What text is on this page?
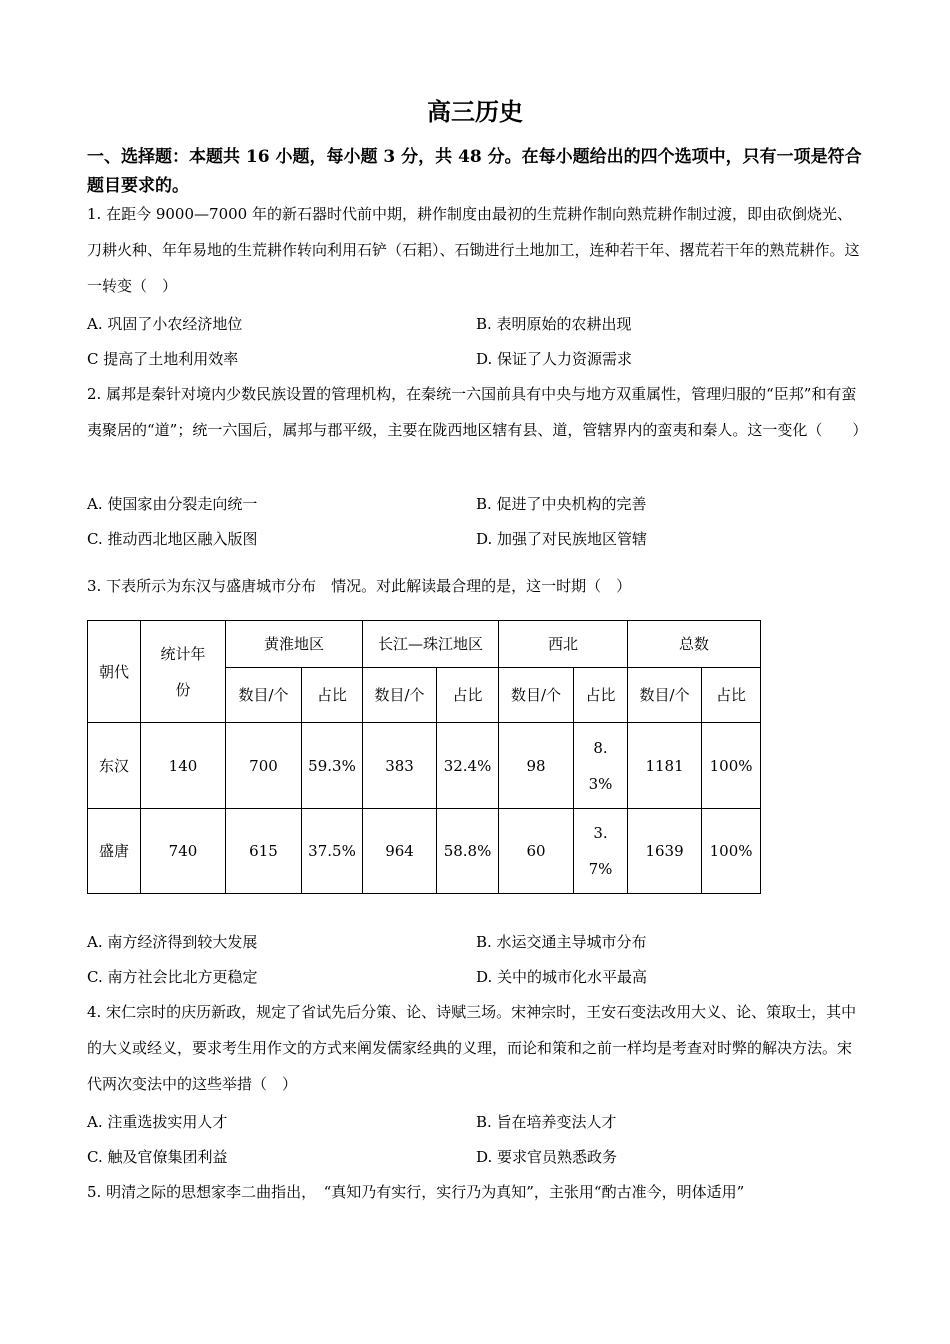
高三历史
一、选择题：本题共 16 小题，每小题 3 分，共 48 分。在每小题给出的四个选项中，只有一项是符合题目要求的。
1. 在距今 9000—7000 年的新石器时代前中期，耕作制度由最初的生荒耕作制向熟荒耕作制过渡，即由砍倒烧光、刀耕火种、年年易地的生荒耕作转向利用石铲（石耜）、石锄进行土地加工，连种若干年、撂荒若干年的熟荒耕作。这一转变（　）
A. 巩固了小农经济地位	B. 表明原始的农耕出现
C 提高了土地利用效率	D. 保证了人力资源需求
2. 属邦是秦针对境内少数民族设置的管理机构，在秦统一六国前具有中央与地方双重属性，管理归服的“臣邦”和有蛮夷聚居的“道”；统一六国后，属邦与郡平级，主要在陇西地区辖有县、道，管辖界内的蛮夷和秦人。这一变化（　　）
A. 使国家由分裂走向统一	B. 促进了中央机构的完善
C. 推动西北地区融入版图	D. 加强了对民族地区管辖
3. 下表所示为东汉与盛唐城市分布　情况。对此解读最合理的是，这一时期（　）
朝代	统计年份	黄淮地区		长江—珠江地区		西北		总数	
		数目/个	占比	数目/个	占比	数目/个	占比	数目/个	占比
东汉	140	700	59.3%	383	32.4%	98	8.3%	1181	100%
盛唐	740	615	37.5%	964	58.8%	60	3.7%	1639	100%
A. 南方经济得到较大发展	B. 水运交通主导城市分布
C. 南方社会比北方更稳定	D. 关中的城市化水平最高
4. 宋仁宗时的庆历新政，规定了省试先后分策、论、诗赋三场。宋神宗时，王安石变法改用大义、论、策取士，其中的大义或经义，要求考生用作文的方式来阐发儒家经典的义理，而论和策和之前一样均是考查对时弊的解决方法。宋代两次变法中的这些举措（　）
A. 注重选拔实用人才	B. 旨在培养变法人才
C. 触及官僚集团利益	D. 要求官员熟悉政务
5. 明清之际的思想家李二曲指出，　“真知乃有实行，实行乃为真知”，主张用“酌古准今，明体适用”
